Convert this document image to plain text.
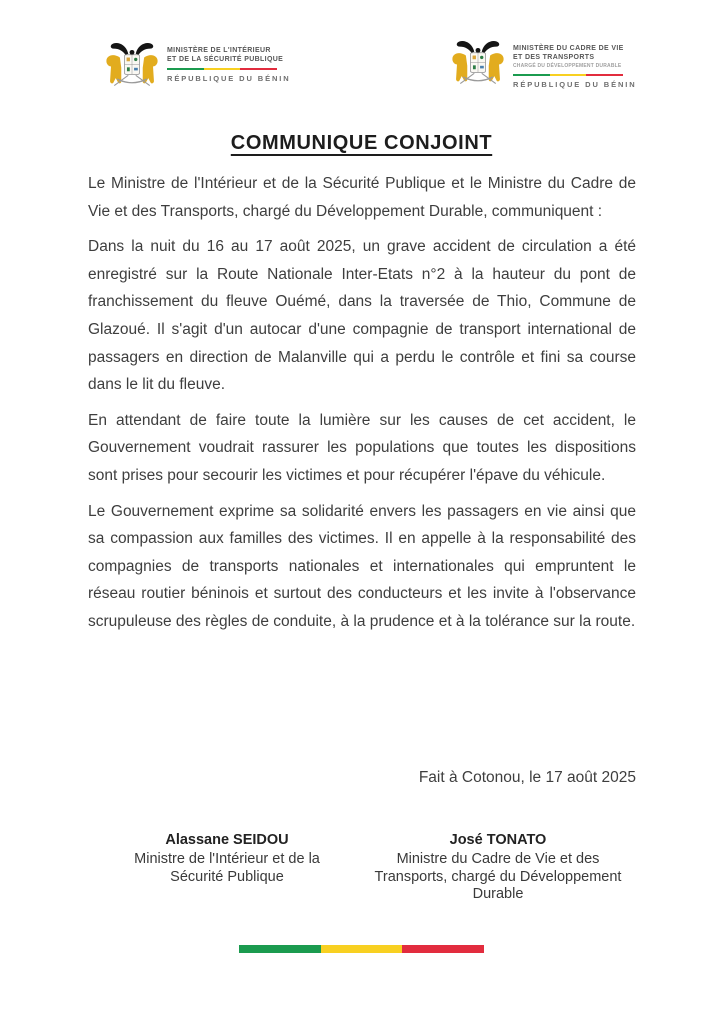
MINISTÈRE DE L'INTÉRIEUR
ET DE LA SÉCURITÉ PUBLIQUE
RÉPUBLIQUE DU BÉNIN
MINISTÈRE DU CADRE DE VIE
ET DES TRANSPORTS
CHARGÉ DU DÉVELOPPEMENT DURABLE
RÉPUBLIQUE DU BÉNIN
COMMUNIQUE CONJOINT

Le Ministre de l'Intérieur et de la Sécurité Publique et le Ministre du Cadre de Vie et des Transports, chargé du Développement Durable, communiquent :

Dans la nuit du 16 au 17 août 2025, un grave accident de circulation a été enregistré sur la Route Nationale Inter-Etats n°2 à la hauteur du pont de franchissement du fleuve Ouémé, dans la traversée de Thio, Commune de Glazoué. Il s'agit d'un autocar d'une compagnie de transport international de passagers en direction de Malanville qui a perdu le contrôle et fini sa course dans le lit du fleuve.

En attendant de faire toute la lumière sur les causes de cet accident, le Gouvernement voudrait rassurer les populations que toutes les dispositions sont prises pour secourir les victimes et pour récupérer l'épave du véhicule.

Le Gouvernement exprime sa solidarité envers les passagers en vie ainsi que sa compassion aux familles des victimes. Il en appelle à la responsabilité des compagnies de transports nationales et internationales qui empruntent le réseau routier béninois et surtout des conducteurs et les invite à l'observance scrupuleuse des règles de conduite, à la prudence et à la tolérance sur la route.

Fait à Cotonou, le 17 août 2025
Alassane SEIDOU
Ministre de l'Intérieur et de la Sécurité Publique
José TONATO
Ministre du Cadre de Vie et des Transports, chargé du Développement Durable
